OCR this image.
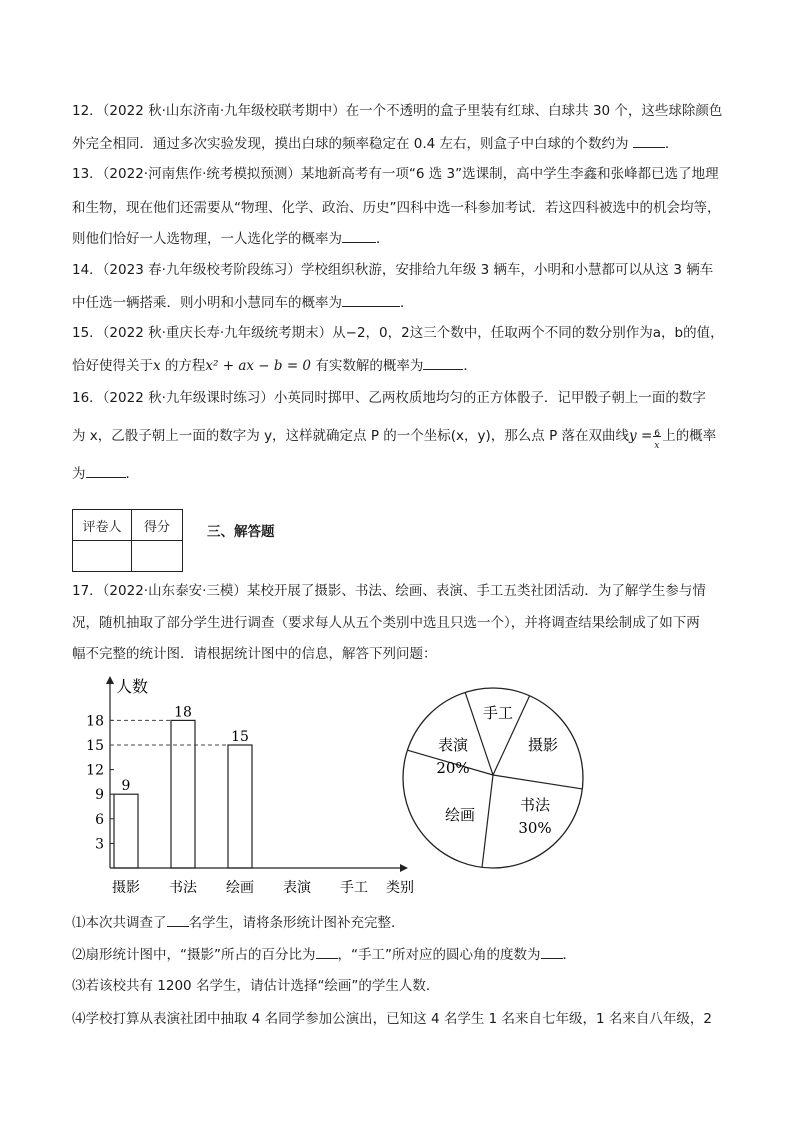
12．（2022 秋·山东济南·九年级校联考期中）在一个不透明的盒子里装有红球、白球共 30 个，这些球除颜色
外完全相同．通过多次实验发现，摸出白球的频率稳定在 0.4 左右，则盒子中白球的个数约为	．
13．（2022·河南焦作·统考模拟预测）某地新高考有一项“6 选 3”选课制，高中学生李鑫和张峰都已选了地理
和生物，现在他们还需要从“物理、化学、政治、历史”四科中选一科参加考试．若这四科被选中的机会均等，
则他们恰好一人选物理，一人选化学的概率为	．
14．（2023 春·九年级校考阶段练习）学校组织秋游，安排给九年级 3 辆车，小明和小慧都可以从这 3 辆车
中任选一辆搭乘．则小明和小慧同车的概率为	．
15．（2022 秋·重庆长寿·九年级统考期末）从−2，0，2这三个数中，任取两个不同的数分别作为a，b的值，
恰好使得关于x 的方程x² + ax − b = 0 有实数解的概率为	．
16．（2022 秋·九年级课时练习）小英同时掷甲、乙两枚质地均匀的正方体骰子．记甲骰子朝上一面的数字
为 x，乙骰子朝上一面的数字为 y，这样就确定点 P 的一个坐标(x，y)，那么点 P 落在双曲线y = 6
x
上的概率
为	．
评卷人	得分
		三、解答题
17．（2022·山东泰安·三模）某校开展了摄影、书法、绘画、表演、手工五类社团活动．为了解学生参与情
况，随机抽取了部分学生进行调查（要求每人从五个类别中选且只选一个），并将调查结果绘制成了如下两
幅不完整的统计图．请根据统计图中的信息，解答下列问题：
人数
类别
3
6
9
12
15
18
摄影
9
书法
18
绘画
15
表演 手工
手工
摄影
书法
30%
绘画
表演
20%
⑴本次共调查了 名学生，请将条形统计图补充完整．
⑵扇形统计图中，“摄影”所占的百分比为 ，“手工”所对应的圆心角的度数为 ．
⑶若该校共有 1200 名学生，请估计选择“绘画”的学生人数．
⑷学校打算从表演社团中抽取 4 名同学参加公演出，已知这 4 名学生 1 名来自七年级，1 名来自八年级，2
